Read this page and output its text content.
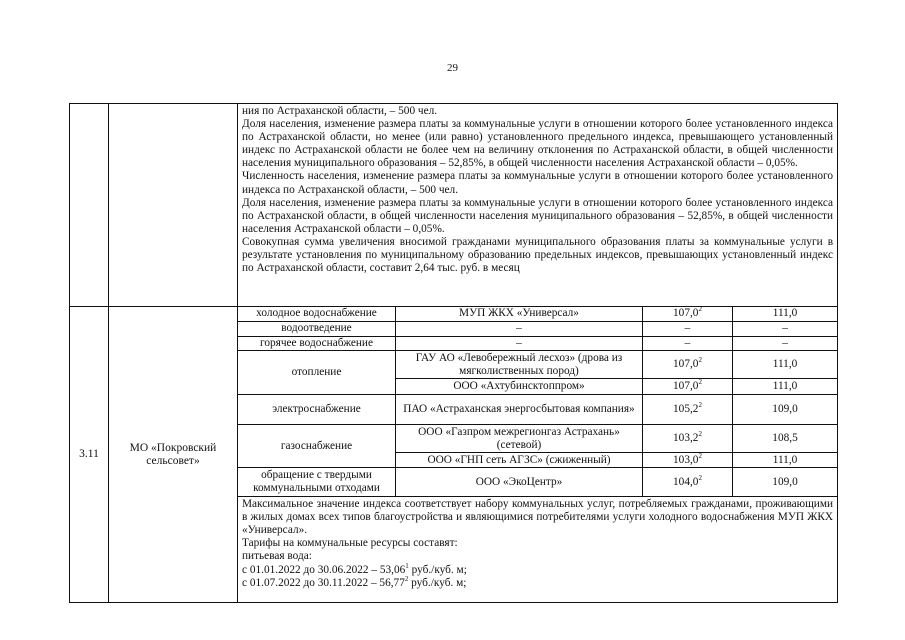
29

		ния по Астраханской области, – 500 чел.

Доля населения, изменение размера платы за коммунальные услуги в отношении которого более установленного индекса по Астраханской области, но менее (или равно) установленного предельного индекса, превышающего установленный индекс по Астраханской области не более чем на величину отклонения по Астраханской области, в общей численности населения муниципального образования – 52,85%, в общей численности населения Астраханской области – 0,05%.

Численность населения, изменение размера платы за коммунальные услуги в отношении которого более установленного индекса по Астраханской области, – 500 чел.

Доля населения, изменение размера платы за коммунальные услуги в отношении которого более установленного индекса по Астраханской области, в общей численности населения муниципального образования – 52,85%, в общей численности населения Астраханской области – 0,05%.

Совокупная сумма увеличения вносимой гражданами муниципального образования платы за коммунальные услуги в результате установления по муниципальному образованию предельных индексов, превышающих установленный индекс по Астраханской области, составит 2,64 тыс. руб. в месяц			

3.11	МО «Покровский
сельсовет»	холодное водоснабжение	МУП ЖКХ «Универсал»	107,0$^2$	111,0
		водоотведение	–	–	–
		горячее водоснабжение	–	–	–
		отопление	ГАУ АО «Левобережный лесхоз» (дрова из мягколиственных пород)	107,0$^2$	111,0
			ООО «Ахтубинсктоппром»	107,0$^2$	111,0
		электроснабжение	ПАО «Астраханская энергосбытовая компания»	105,2$^2$	109,0
		газоснабжение	ООО «Газпром межрегионгаз Астрахань» (сетевой)	103,2$^2$	108,5
			ООО «ГНП сеть АГЗС» (сжиженный)	103,0$^2$	111,0
		обращение с твердыми коммунальными отходами	ООО «ЭкоЦентр»	104,0$^2$	109,0

		Максимальное значение индекса соответствует набору коммунальных услуг, потребляемых гражданами, проживающими в жилых домах всех типов благоустройства и являющимися потребителями услуги холодного водоснабжения МУП ЖКХ «Универсал».

Тарифы на коммунальные ресурсы составят:

питьевая вода:

с 01.01.2022 до 30.06.2022 – 53,06$^1$ руб./куб. м;

с 01.07.2022 до 30.11.2022 – 56,77$^2$ руб./куб. м;			
